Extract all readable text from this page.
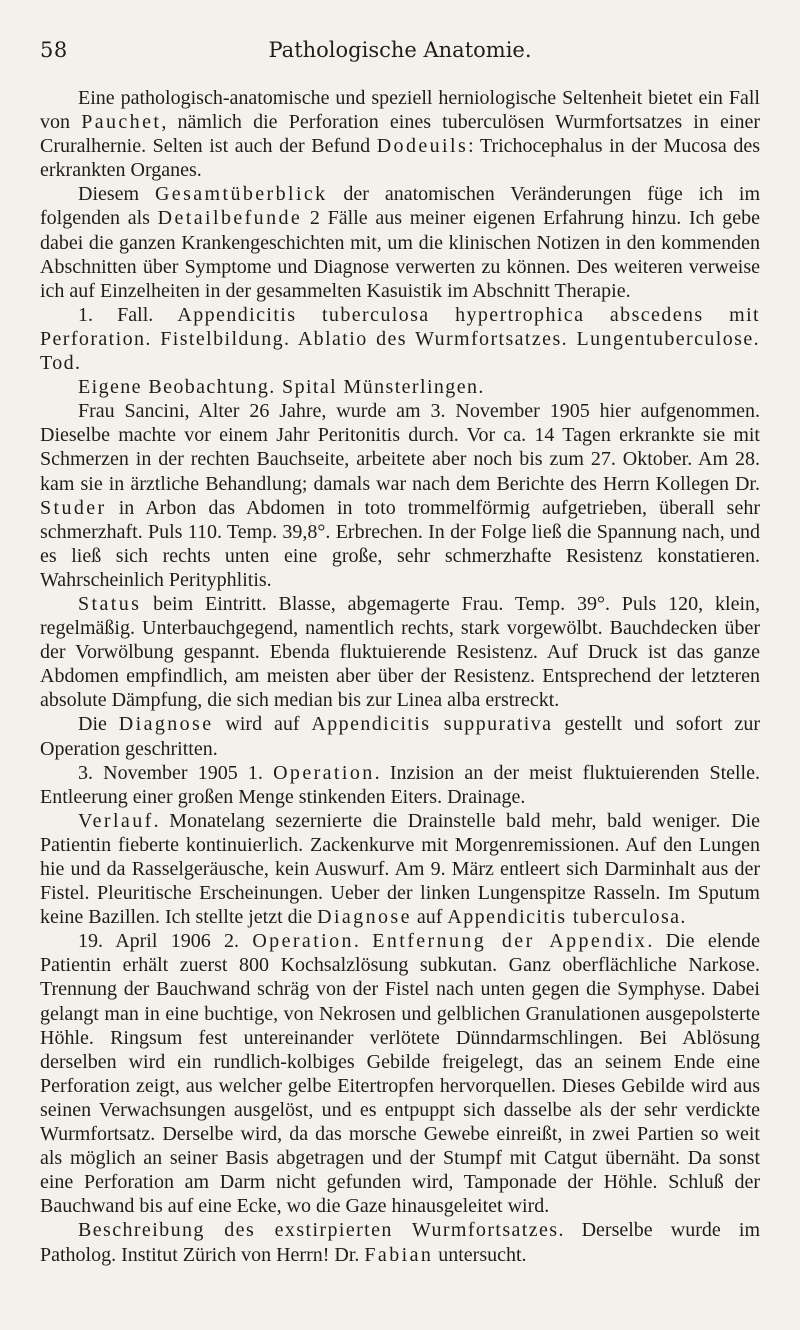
58	Pathologische Anatomie.

Eine pathologisch-anatomische und speziell herniologische Seltenheit bietet ein Fall von Pauchet, nämlich die Perforation eines tuberculösen Wurmfortsatzes in einer Cruralhernie. Selten ist auch der Befund Dodeuils: Trichocephalus in der Mucosa des erkrankten Organes.

Diesem Gesamtüberblick der anatomischen Veränderungen füge ich im folgenden als Detailbefunde 2 Fälle aus meiner eigenen Erfahrung hinzu. Ich gebe dabei die ganzen Krankengeschichten mit, um die klinischen Notizen in den kommenden Abschnitten über Symptome und Diagnose verwerten zu können. Des weiteren verweise ich auf Einzelheiten in der gesammelten Kasuistik im Abschnitt Therapie.

1. Fall. Appendicitis tuberculosa hypertrophica abscedens mit Perforation. Fistelbildung. Ablatio des Wurmfortsatzes. Lungentuberculose. Tod.

Eigene Beobachtung. Spital Münsterlingen.

Frau Sancini, Alter 26 Jahre, wurde am 3. November 1905 hier aufgenommen. Dieselbe machte vor einem Jahr Peritonitis durch. Vor ca. 14 Tagen erkrankte sie mit Schmerzen in der rechten Bauchseite, arbeitete aber noch bis zum 27. Oktober. Am 28. kam sie in ärztliche Behandlung; damals war nach dem Berichte des Herrn Kollegen Dr. Studer in Arbon das Abdomen in toto trommelförmig aufgetrieben, überall sehr schmerzhaft. Puls 110. Temp. 39,8°. Erbrechen. In der Folge ließ die Spannung nach, und es ließ sich rechts unten eine große, sehr schmerzhafte Resistenz konstatieren. Wahrscheinlich Perityphlitis.

Status beim Eintritt. Blasse, abgemagerte Frau. Temp. 39°. Puls 120, klein, regelmäßig. Unterbauchgegend, namentlich rechts, stark vorgewölbt. Bauchdecken über der Vorwölbung gespannt. Ebenda fluktuierende Resistenz. Auf Druck ist das ganze Abdomen empfindlich, am meisten aber über der Resistenz. Entsprechend der letzteren absolute Dämpfung, die sich median bis zur Linea alba erstreckt.

Die Diagnose wird auf Appendicitis suppurativa gestellt und sofort zur Operation geschritten.

3. November 1905 1. Operation. Inzision an der meist fluktuierenden Stelle. Entleerung einer großen Menge stinkenden Eiters. Drainage.

Verlauf. Monatelang sezernierte die Drainstelle bald mehr, bald weniger. Die Patientin fieberte kontinuierlich. Zackenkurve mit Morgenremissionen. Auf den Lungen hie und da Rasselgeräusche, kein Auswurf. Am 9. März entleert sich Darminhalt aus der Fistel. Pleuritische Erscheinungen. Ueber der linken Lungenspitze Rasseln. Im Sputum keine Bazillen. Ich stellte jetzt die Diagnose auf Appendicitis tuberculosa.

19. April 1906 2. Operation. Entfernung der Appendix. Die elende Patientin erhält zuerst 800 Kochsalzlösung subkutan. Ganz oberflächliche Narkose. Trennung der Bauchwand schräg von der Fistel nach unten gegen die Symphyse. Dabei gelangt man in eine buchtige, von Nekrosen und gelblichen Granulationen ausgepolsterte Höhle. Ringsum fest untereinander verlötete Dünndarmschlingen. Bei Ablösung derselben wird ein rundlich-kolbiges Gebilde freigelegt, das an seinem Ende eine Perforation zeigt, aus welcher gelbe Eitertropfen hervorquellen. Dieses Gebilde wird aus seinen Verwachsungen ausgelöst, und es entpuppt sich dasselbe als der sehr verdickte Wurmfortsatz. Derselbe wird, da das morsche Gewebe einreißt, in zwei Partien so weit als möglich an seiner Basis abgetragen und der Stumpf mit Catgut übernäht. Da sonst eine Perforation am Darm nicht gefunden wird, Tamponade der Höhle. Schluß der Bauchwand bis auf eine Ecke, wo die Gaze hinausgeleitet wird.

Beschreibung des exstirpierten Wurmfortsatzes. Derselbe wurde im Patholog. Institut Zürich von Herrn! Dr. Fabian untersucht.
